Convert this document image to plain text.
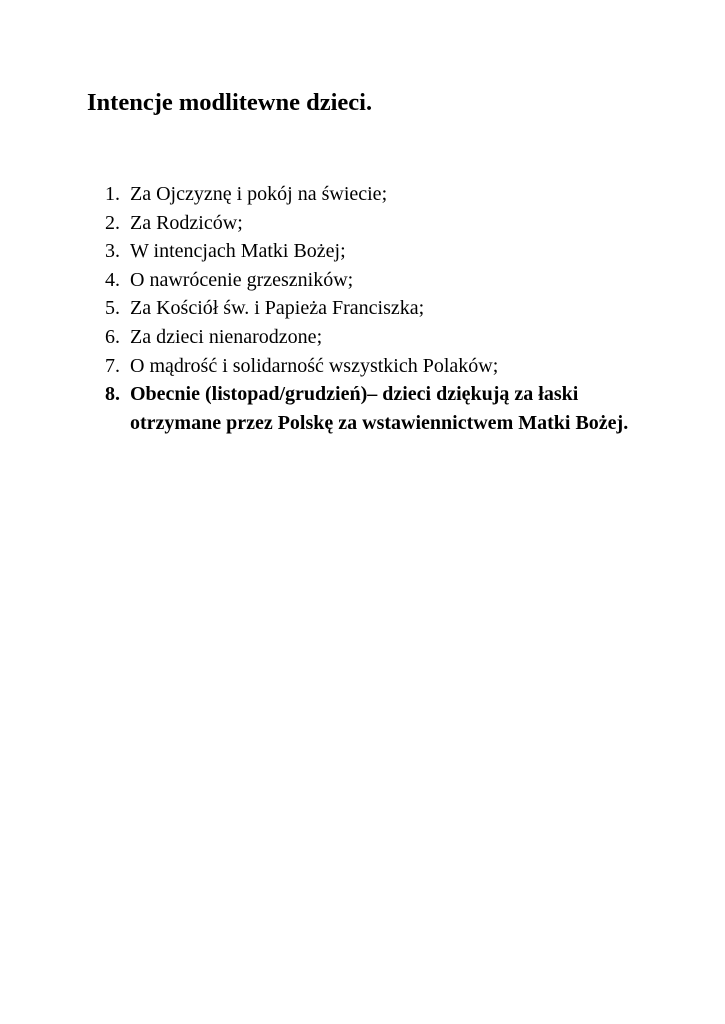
Intencje modlitewne dzieci.
1. Za Ojczyznę i pokój na świecie;
2. Za Rodziców;
3. W intencjach Matki Bożej;
4. O nawrócenie grzeszników;
5. Za Kościół św. i Papieża Franciszka;
6. Za dzieci nienarodzone;
7. O mądrość i solidarność wszystkich Polaków;
8. Obecnie (listopad/grudzień)– dzieci dziękują za łaski otrzymane przez Polskę za wstawiennictwem Matki Bożej.
